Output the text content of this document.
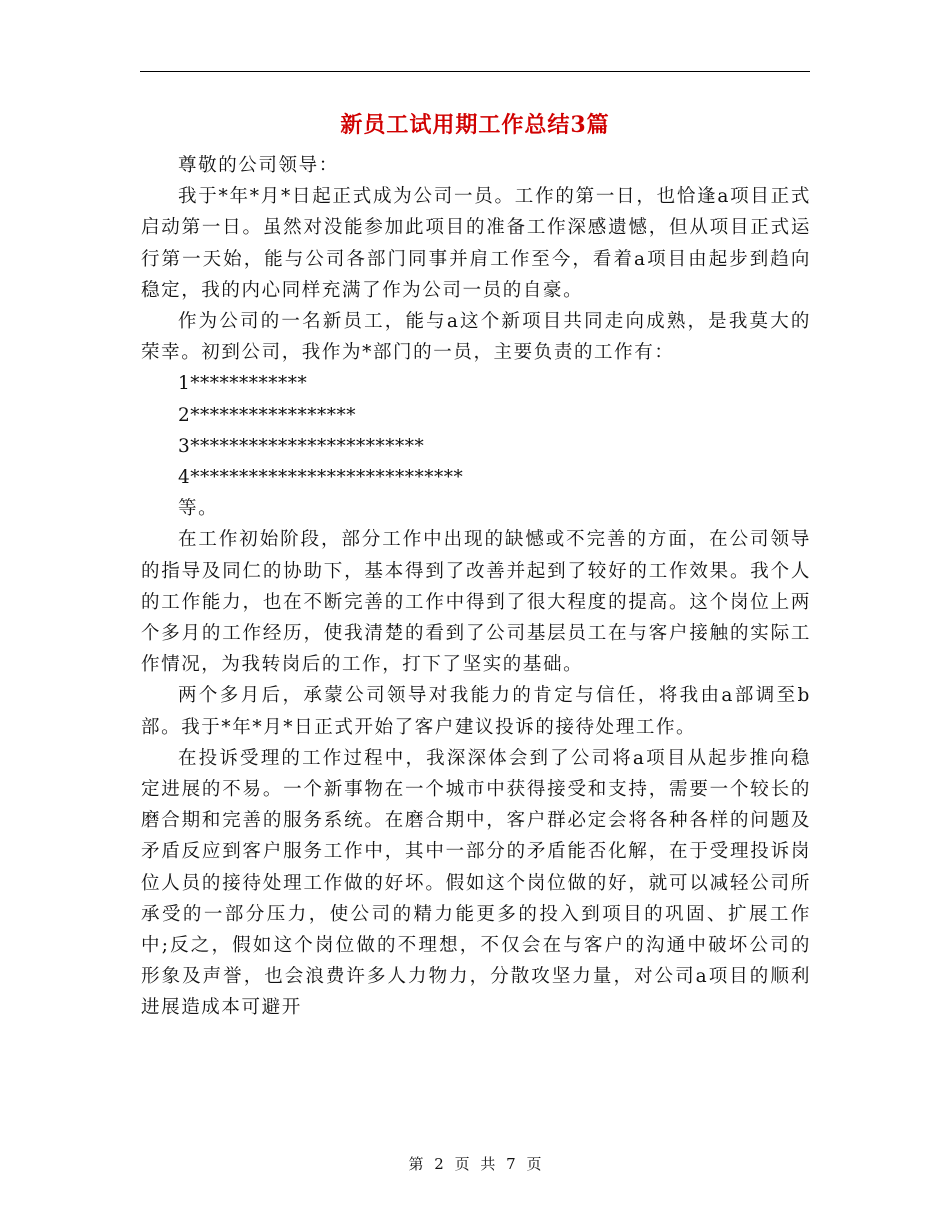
新员工试用期工作总结3篇

尊敬的公司领导：

我于*年*月*日起正式成为公司一员。工作的第一日，也恰逢a项目正式启动第一日。虽然对没能参加此项目的准备工作深感遗憾，但从项目正式运行第一天始，能与公司各部门同事并肩工作至今，看着a项目由起步到趋向稳定，我的内心同样充满了作为公司一员的自豪。

作为公司的一名新员工，能与a这个新项目共同走向成熟，是我莫大的荣幸。初到公司，我作为*部门的一员，主要负责的工作有：

1************

2*****************

3************************

4****************************

等。

在工作初始阶段，部分工作中出现的缺憾或不完善的方面，在公司领导的指导及同仁的协助下，基本得到了改善并起到了较好的工作效果。我个人的工作能力，也在不断完善的工作中得到了很大程度的提高。这个岗位上两个多月的工作经历，使我清楚的看到了公司基层员工在与客户接触的实际工作情况，为我转岗后的工作，打下了坚实的基础。

两个多月后，承蒙公司领导对我能力的肯定与信任，将我由a部调至b部。我于*年*月*日正式开始了客户建议投诉的接待处理工作。

在投诉受理的工作过程中，我深深体会到了公司将a项目从起步推向稳定进展的不易。一个新事物在一个城市中获得接受和支持，需要一个较长的磨合期和完善的服务系统。在磨合期中，客户群必定会将各种各样的问题及矛盾反应到客户服务工作中，其中一部分的矛盾能否化解，在于受理投诉岗位人员的接待处理工作做的好坏。假如这个岗位做的好，就可以减轻公司所承受的一部分压力，使公司的精力能更多的投入到项目的巩固、扩展工作中;反之，假如这个岗位做的不理想，不仅会在与客户的沟通中破坏公司的形象及声誉，也会浪费许多人力物力，分散攻坚力量，对公司a项目的顺利进展造成本可避开

第 2 页 共 7 页
